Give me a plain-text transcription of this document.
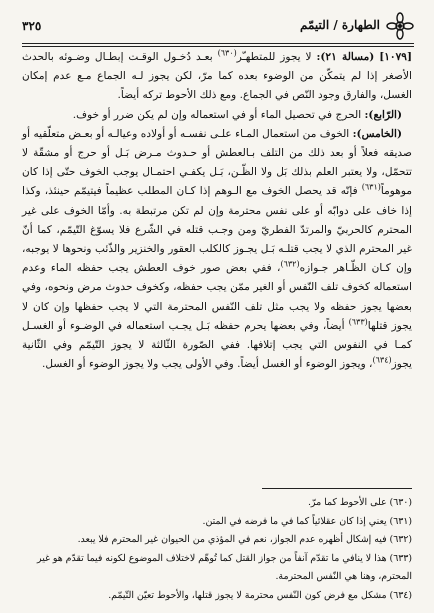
الطهارة / التيمّم
٣٢٥

[١٠٧٩] (مسالة ٢١): لا يجوز للمتطهـّر$^{(٦٣٠)}$ بعـد دُخـول الوقـت إبطـال وضـوئه بالحدث الأصغر إذا لم يتمكّن من الوضوء بعده كما مرّ، لكن يجوز لـه الجماع مـع عدم إمكان الغسل، والفارق وجود النّص في الجماع. ومع ذلك الأحوط تركه أيضاً.

(الرّابع): الحرج في تحصيل الماء أو في استعماله وإن لم يكن ضرر أو خوف.

(الخامس): الخوف من استعمال المـاء علـى نفسـه أو أولاده وعيالـه أو بعـض متعلّقيه أو صديقه فعلاً أو بعد ذلك من التلف بـالعطش أو حـدوث مـرض بَـل أو حرج أو مشقّة لا تتحمّل، ولا يعتبر العلم بذلك بَل ولا الظّـن، بَـل يكفـي احتمـال يوجب الخوف حتّى إذا كان موهوماً$^{(٦٣١)}$ فإنّه قد يحصل الخوف مع الـوهم إذا كـان المطلب عظيماً فيتيمّم حينئذ، وكذا إذا خاف على دوابّه أو على نفس محترمة وإن لم تكن مرتبطة به. وأمّا الخوف على غير المحترم كالحربيّ والمرتدّ الفطريّ ومن وجـب قتله في الشّرع فلا يسوّغ التّيمّم، كما أنّ غير المحترم الذي لا يجب قتلـه بَـل يجـوز كالكلب العقور والخنزير والذّئب ونحوها لا يوجبه، وإن كـان الظّـاهر جـوازه$^{(٦٣٢)}$، ففي بعض صور خوف العطش يجب حفظه الماء وعدم استعماله كخوف تلف النّفس أو الغير ممّن يجب حفظه، وكخوف حدوث مرض ونحوه، وفي بعضها يجوز حفظه ولا يجب مثل تلف النّفس المحترمة التي لا يجب حفظها وإن كان لا يجوز قتلها$^{(٦٣٣)}$ أيضاً، وفي بعضها يحرم حفظه بَـل يجـب استعماله في الوضـوء أو الغسـل كمـا في النفوس التي يجب إتلافها. ففي الصّورة الثّالثة لا يجوز التّيمّم وفي الثّانية يجوز$^{(٦٣٤)}$، ويجوز الوضوء أو الغسل أيضاً. وفي الأولى يجب ولا يجوز الوضوء أو الغسل.

(٦٣٠) على الأحوط كما مرّ.

(٦٣١) يعني إذا كان عقلائياً كما في ما فرضه في المتن.

(٦٣٢) فيه إشكال أظهره عدم الجواز، نعم في المؤذي من الحيوان غير المحترم فلا يبعد.

(٦٣٣) هذا لا ينافي ما تقدّم آنفاً من جواز القتل كما تُوهّم لاختلاف الموضوع لكونه فيما تقدّم هو غير المحترم، وهنا هي النّفس المحترمة.

(٦٣٤) مشكل مع فرض كون النّفس محترمة لا يجوز قتلها، والأحوط تعيّن التّيمّم.
